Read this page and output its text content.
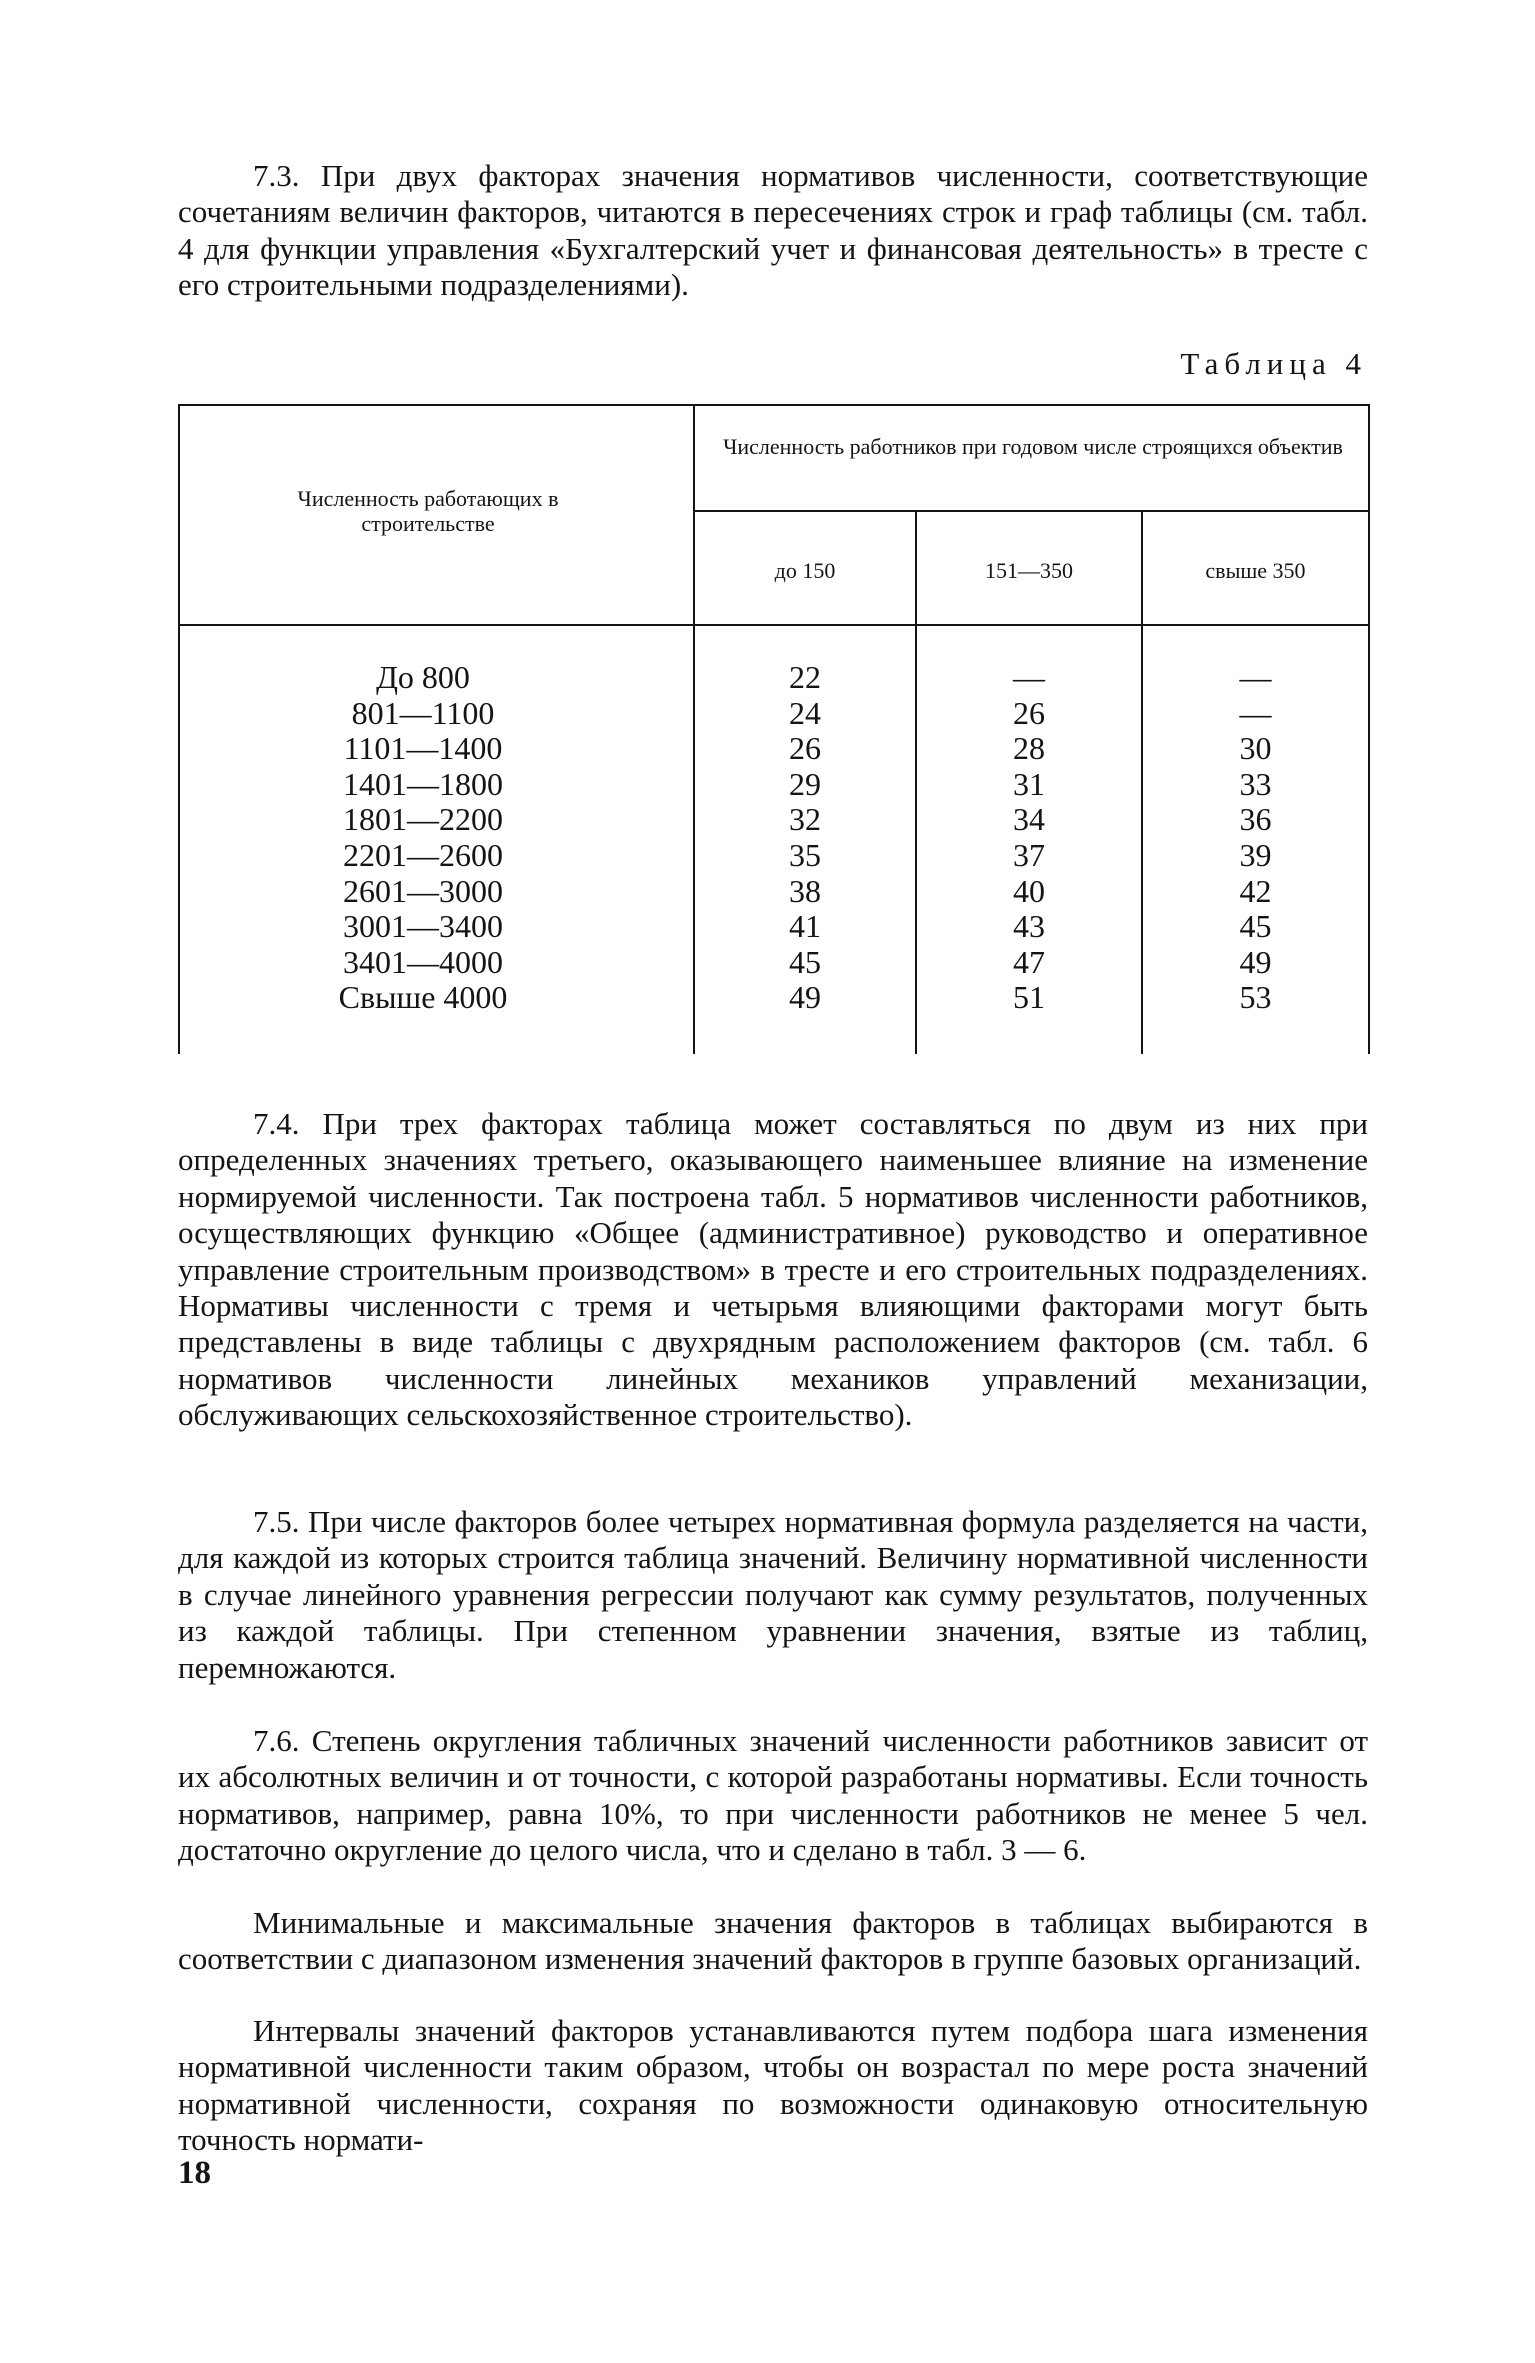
7.3. При двух факторах значения нормативов численности, соответствующие сочетаниям величин факторов, читаются в пересечениях строк и граф таблицы (см. табл. 4 для функции управления «Бухгалтерский учет и финансовая деятельность» в тресте с его строительными подразделениями).

Таблица 4

Численность работающих в строительстве
Численность работников при годовом числе строящихся объектив
до 150	151—350	свыше 350
До 800
801—1100
1101—1400
1401—1800
1801—2200
2201—2600
2601—3000
3001—3400
3401—4000
Свыше 4000
22
24
26
29
32
35
38
41
45
49
—
26
28
31
34
37
40
43
47
51
—
—
30
33
36
39
42
45
49
53

7.4. При трех факторах таблица может составляться по двум из них при определенных значениях третьего, оказывающего наименьшее влияние на изменение нормируемой численности. Так построена табл. 5 нормативов численности работников, осуществляющих функцию «Общее (административное) руководство и оперативное управление строительным производством» в тресте и его строительных подразделениях. Нормативы численности с тремя и четырьмя влияющими факторами могут быть представлены в виде таблицы с двухрядным расположением факторов (см. табл. 6 нормативов численности линейных механиков управлений механизации, обслуживающих сельскохозяйственное строительство).

7.5. При числе факторов более четырех нормативная формула разделяется на части, для каждой из которых строится таблица значений. Величину нормативной численности в случае линейного уравнения регрессии получают как сумму результатов, полученных из каждой таблицы. При степенном уравнении значения, взятые из таблиц, перемножаются.

7.6. Степень округления табличных значений численности работников зависит от их абсолютных величин и от точности, с которой разработаны нормативы. Если точность нормативов, например, равна 10%, то при численности работников не менее 5 чел. достаточно округление до целого числа, что и сделано в табл. 3 — 6.

Минимальные и максимальные значения факторов в таблицах выбираются в соответствии с диапазоном изменения значений факторов в группе базовых организаций.

Интервалы значений факторов устанавливаются путем подбора шага изменения нормативной численности таким образом, чтобы он возрастал по мере роста значений нормативной численности, сохраняя по возможности одинаковую относительную точность нормати-

18
